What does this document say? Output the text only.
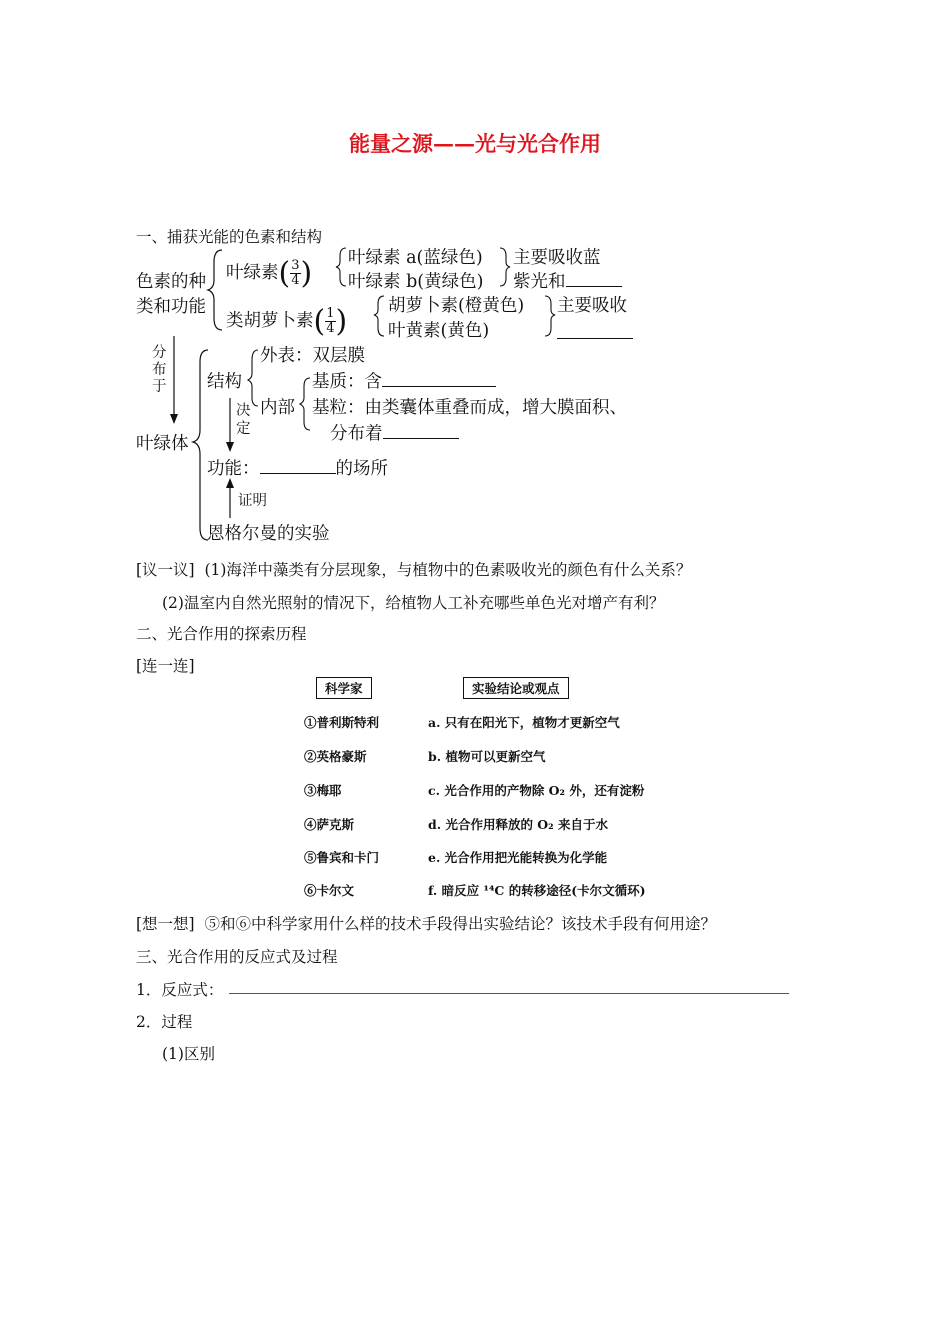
能量之源——光与光合作用
一、捕获光能的色素和结构
色素的种
类和功能
叶绿素( $\frac{3}{4}$ ) 叶绿素 a(蓝绿色)
叶绿素 b(黄绿色)
主要吸收蓝
紫光和
类胡萝卜素( $\frac{1}{4}$ ) 胡萝卜素(橙黄色)
叶黄素(黄色)
主要吸收
分
布
于
叶绿体
结构
外表：双层膜
内部
基质：含
基粒：由类囊体重叠而成，增大膜面积、
分布着
决
定
功能：	的场所
证明
恩格尔曼的实验
[议一议] (1)海洋中藻类有分层现象，与植物中的色素吸收光的颜色有什么关系？
(2)温室内自然光照射的情况下，给植物人工补充哪些单色光对增产有利？
二、光合作用的探索历程
[连一连]
科学家	实验结论或观点
①普利斯特利
②英格豪斯
③梅耶
④萨克斯
⑤鲁宾和卡门
⑥卡尔文
a. 只有在阳光下，植物才更新空气
b. 植物可以更新空气
c. 光合作用的产物除 O₂ 外，还有淀粉
d. 光合作用释放的 O₂ 来自于水
e. 光合作用把光能转换为化学能
f. 暗反应 ¹⁴C 的转移途径(卡尔文循环)
[想一想] ⑤和⑥中科学家用什么样的技术手段得出实验结论？该技术手段有何用途？
三、光合作用的反应式及过程
1．反应式：
2．过程
(1)区别
